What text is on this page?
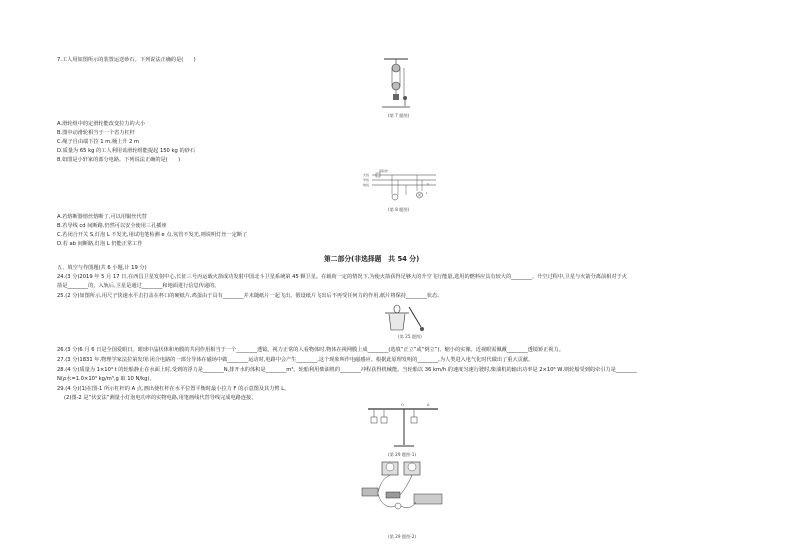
7.工人用如图所示的装置运送砂石。下列说法正确的是(　　)
(第 7 题图)
A.滑轮组中的定滑轮能改变拉力的大小
B.图中动滑轮相当于一个省力杠杆
C.绳子自由端下拉 1 m,桶上升 2 m
D.质量为 65 kg 的工人利用该滑轮组能提起 150 kg 的砂石
8.如图是小轩家的部分电路。下列说法正确的是(　　)
保险丝
火线
零线
地线	S
L
(第 8 题图)
A.若熔断器熔丝熔断了,可以用铜丝代替
B.若导线 cd 间断路,仍然可以安全使用三孔插座
C.若闭合开关 S,灯泡 L 不发光,用试电笔检测 e 点,氖管不发光,则说明灯丝一定断了
D.若 ab 间断路,灯泡 L 仍能正常工作
第二部分(非选择题　共 54 分)
五、填空与作图题(共 6 小题,计 19 分)
24.(3 分)2019 年 5 月 17 日,在西昌卫星发射中心,长征三号丙运载火箭成功发射中国北斗卫星系统第 45 颗卫星。在载荷一定的情况下,为使火箭获得足够大的升空飞行能量,选用的燃料应具有较大的________。升空过程中,卫星与火箭分离前相对于火
箭是________的。入轨后,卫星是通过________和地面进行信息传递的。
25.(2 分)如图所示,用尺子快速水平击打盖在杯口的硬纸片,鸡蛋由于具有________并未随纸片一起飞出。假设纸片飞出后不再受任何力的作用,纸片将保持________状态。
(第 25 题图)
26.(3 分)6 月 6 日是全国爱眼日。眼球中晶状体和角膜的共同作用相当于一个________透镜。视力正常的人看物体时,物体在视网膜上成________(选填“正立”或“倒立”)、缩小的实像。近视眼需佩戴________透镜矫正视力。
27.(3 分)1831 年,物理学家法拉第发现:闭合电路的一部分导体在磁场中做________运动时,电路中会产生________,这个现象叫作电磁感应。根据此原理发明的________,为人类进入电气化时代做出了重大贡献。
28.(4 分)质量为 1×10⁴ t 的轮船静止在水面上时,受到的浮力是________N,排开水的体积是________m³。轮船利用柴油机的________冲程获得机械能。当轮船以 36 km/h 的速度匀速行驶时,柴油机的输出功率是 2×10⁶ W,则轮船受到的牵引力是________
N(ρ水=1.0×10³ kg/m³,g 取 10 N/kg)。
29.(4 分)(1)在图-1 所示杠杆的 A 点,画出使杠杆在水平位置平衡时最小拉力 F 的示意图及其力臂 L。
(2)图-2 是“伏安法”测量小灯泡电功率的实物电路,用笔画线代替导线完成电路连接。
O	A
(第 29 题图-1)
(第 29 题图-2)
